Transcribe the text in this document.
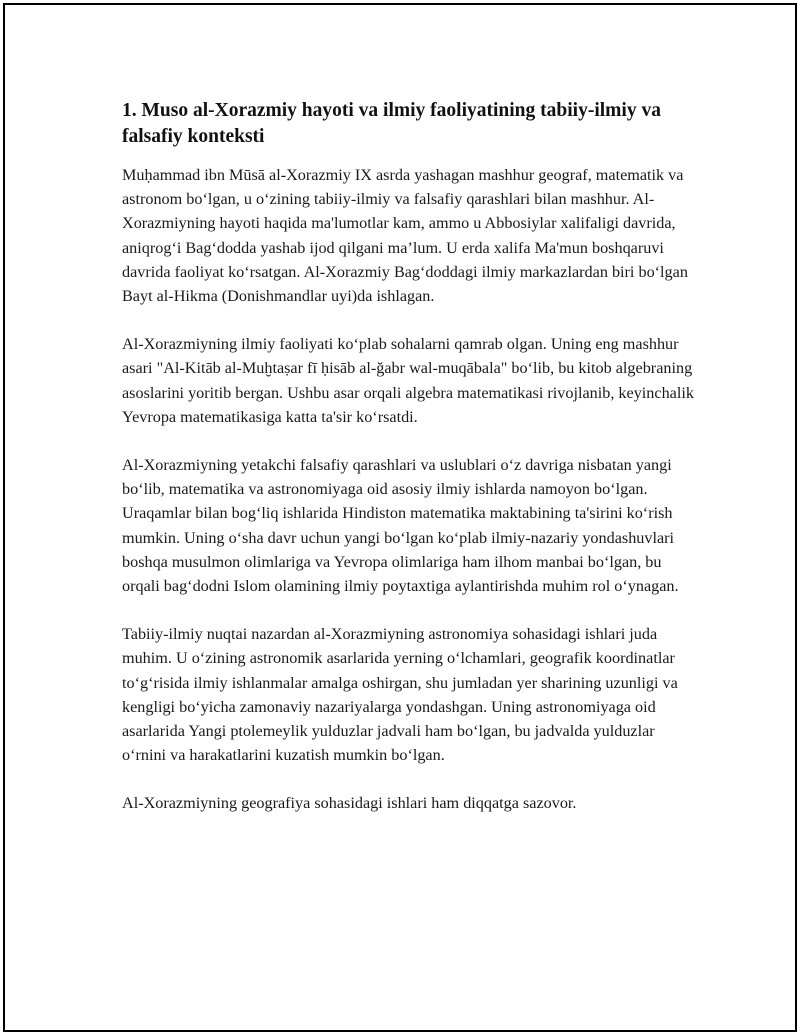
1. Muso al-Xorazmiy hayoti va ilmiy faoliyatining tabiiy-ilmiy va falsafiy konteksti

Muḥammad ibn Mūsā al-Xorazmiy IX asrda yashagan mashhur geograf, matematik va astronom bo‘lgan, u o‘zining tabiiy-ilmiy va falsafiy qarashlari bilan mashhur. Al-Xorazmiyning hayoti haqida ma'lumotlar kam, ammo u Abbosiylar xalifaligi davrida, aniqrog‘i Bag‘dodda yashab ijod qilgani ma’lum. U erda xalifa Ma'mun boshqaruvi davrida faoliyat ko‘rsatgan. Al-Xorazmiy Bag‘doddagi ilmiy markazlardan biri bo‘lgan Bayt al-Hikma (Donishmandlar uyi)da ishlagan.

Al-Xorazmiyning ilmiy faoliyati ko‘plab sohalarni qamrab olgan. Uning eng mashhur asari "Al-Kitāb al-Muḫtaṣar fī ḥisāb al-ğabr wal-muqābala" bo‘lib, bu kitob algebraning asoslarini yoritib bergan. Ushbu asar orqali algebra matematikasi rivojlanib, keyinchalik Yevropa matematikasiga katta ta'sir ko‘rsatdi.

Al-Xorazmiyning yetakchi falsafiy qarashlari va uslublari o‘z davriga nisbatan yangi bo‘lib, matematika va astronomiyaga oid asosiy ilmiy ishlarda namoyon bo‘lgan. Uraqamlar bilan bog‘liq ishlarida Hindiston matematika maktabining ta'sirini ko‘rish mumkin. Uning o‘sha davr uchun yangi bo‘lgan ko‘plab ilmiy-nazariy yondashuvlari boshqa musulmon olimlariga va Yevropa olimlariga ham ilhom manbai bo‘lgan, bu orqali bag‘dodni Islom olamining ilmiy poytaxtiga aylantirishda muhim rol o‘ynagan.

Tabiiy-ilmiy nuqtai nazardan al-Xorazmiyning astronomiya sohasidagi ishlari juda muhim. U o‘zining astronomik asarlarida yerning o‘lchamlari, geografik koordinatlar to‘g‘risida ilmiy ishlanmalar amalga oshirgan, shu jumladan yer sharining uzunligi va kengligi bo‘yicha zamonaviy nazariyalarga yondashgan. Uning astronomiyaga oid asarlarida Yangi ptolemeylik yulduzlar jadvali ham bo‘lgan, bu jadvalda yulduzlar o‘rnini va harakatlarini kuzatish mumkin bo‘lgan.

Al-Xorazmiyning geografiya sohasidagi ishlari ham diqqatga sazovor.
